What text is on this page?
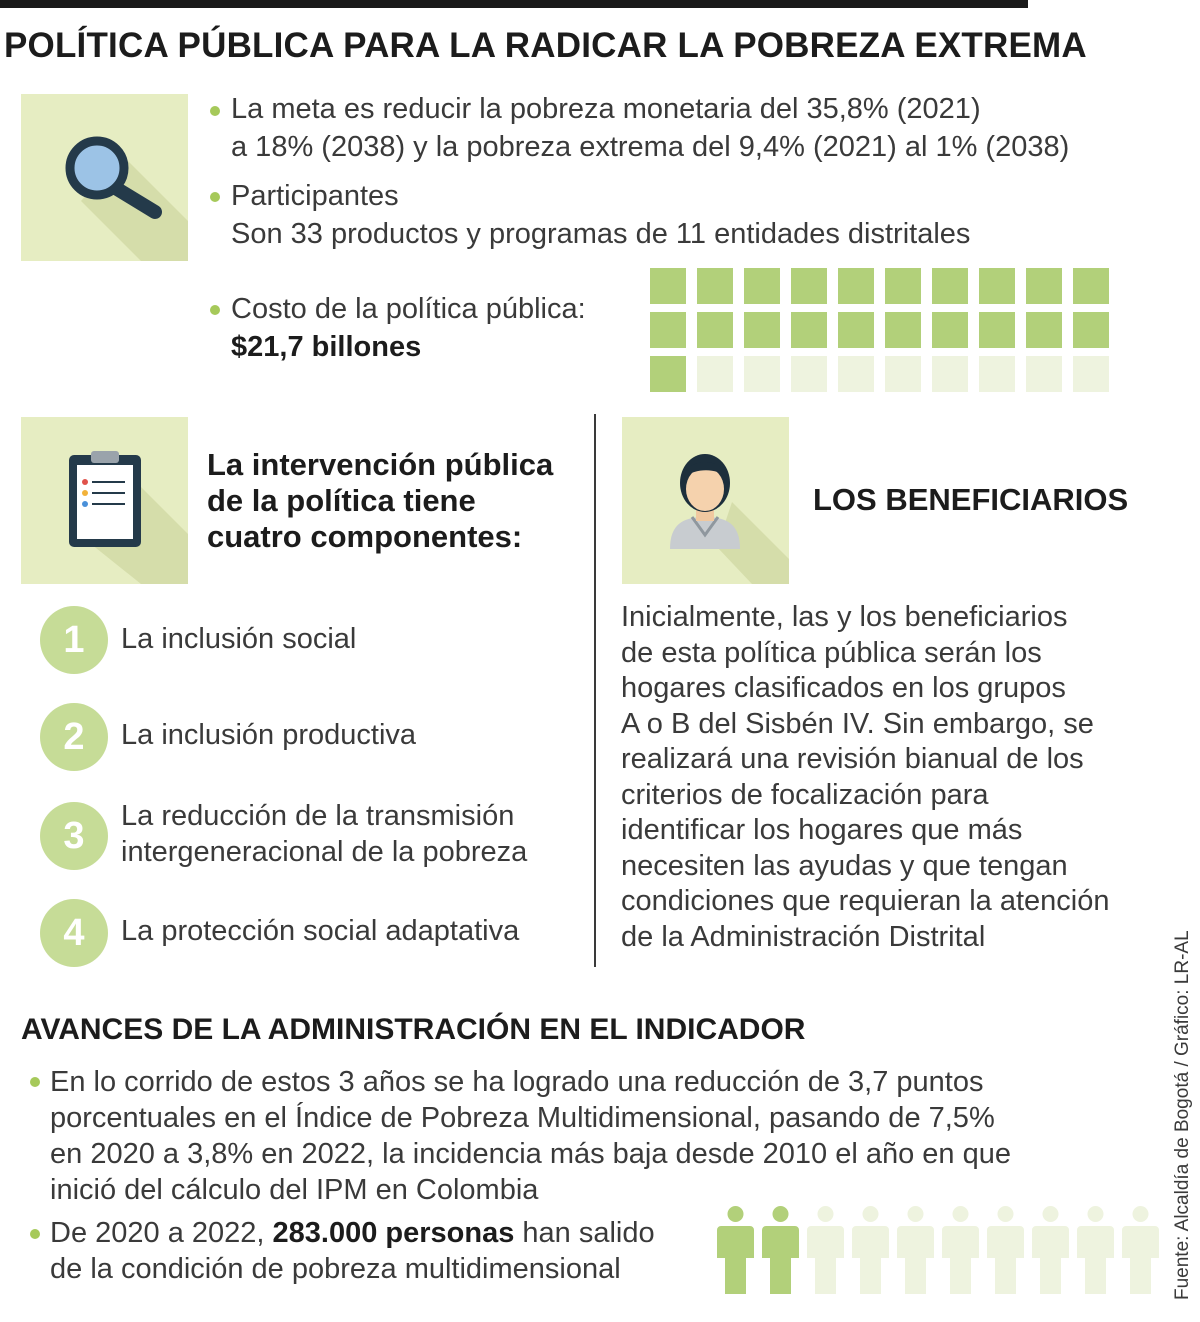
POLÍTICA PÚBLICA PARA LA RADICAR LA POBREZA EXTREMA
La meta es reducir la pobreza monetaria del 35,8% (2021)
a 18% (2038) y la pobreza extrema del 9,4% (2021) al 1% (2038)
Participantes
Son 33 productos y programas de 11 entidades distritales
Costo de la política pública:
$21,7 billones
La intervención pública
de la política tiene
cuatro componentes:
1	La inclusión social
2	La inclusión productiva
3	La reducción de la transmisión
intergeneracional de la pobreza
4	La protección social adaptativa
LOS BENEFICIARIOS
Inicialmente, las y los beneficiarios
de esta política pública serán los
hogares clasificados en los grupos
A o B del Sisbén IV. Sin embargo, se
realizará una revisión bianual de los
criterios de focalización para
identificar los hogares que más
necesiten las ayudas y que tengan
condiciones que requieran la atención
de la Administración Distrital
AVANCES DE LA ADMINISTRACIÓN EN EL INDICADOR
En lo corrido de estos 3 años se ha logrado una reducción de 3,7 puntos
porcentuales en el Índice de Pobreza Multidimensional, pasando de 7,5%
en 2020 a 3,8% en 2022, la incidencia más baja desde 2010 el año en que
inició del cálculo del IPM en Colombia
De 2020 a 2022, 283.000 personas han salido
de la condición de pobreza multidimensional	Fuente: Alcaldía de Bogotá / Gráfico: LR-AL
